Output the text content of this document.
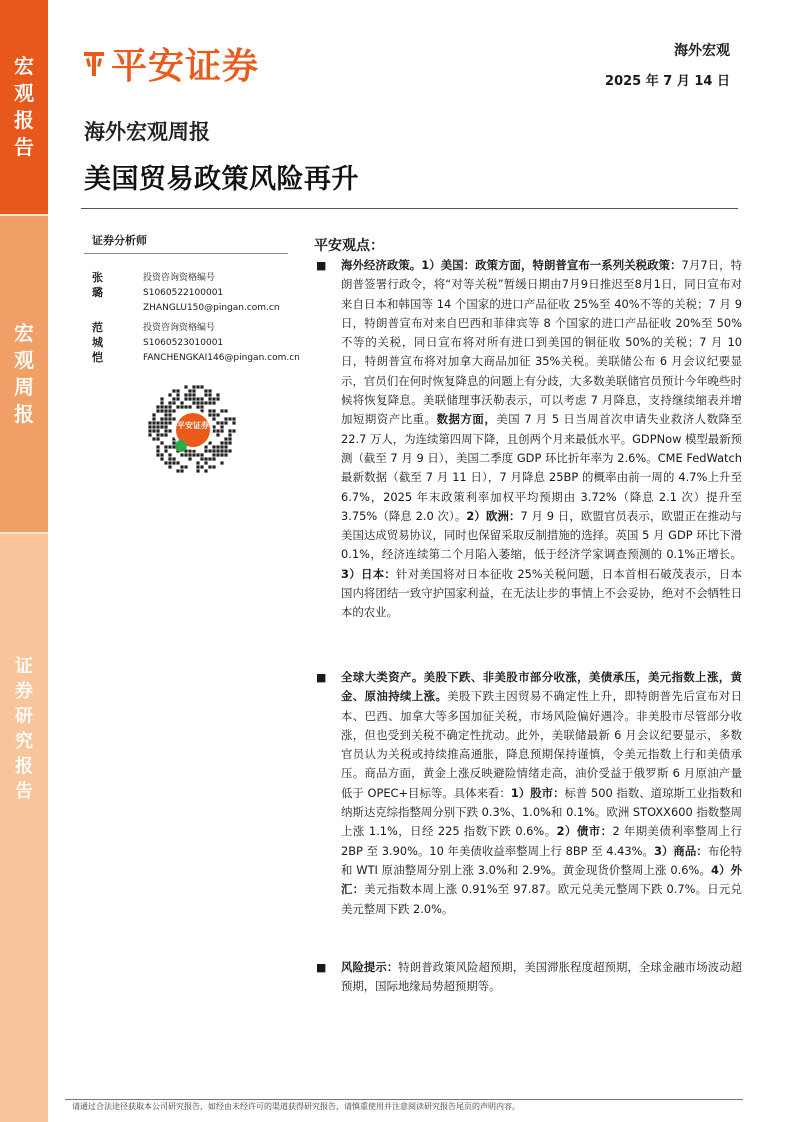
宏
观
报
告
宏
观
周
报
证
券
研
究
报
告
平安证券	海外宏观
2025 年 7 月 14 日
海外宏观周报
美国贸易政策风险再升
证券分析师
张璐
投资咨询资格编号
S1060522100001
ZHANGLU150@pingan.com.cn
范城恺
投资咨询资格编号
S1060523010001
FANCHENGKAI146@pingan.com.cn
平安证券
平安观点：
■ 海外经济政策。1）美国：政策方面，特朗普宣布一系列关税政策：7月7日，特朗普签署行政令，将“对等关税”暂缓日期由7月9日推迟至8月1日，同日宣布对来自日本和韩国等 14 个国家的进口产品征收 25%至 40%不等的关税；7 月 9 日，特朗普宣布对来自巴西和菲律宾等 8 个国家的进口产品征收 20%至 50%不等的关税，同日宣布将对所有进口到美国的铜征收 50%的关税；7 月 10 日，特朗普宣布将对加拿大商品加征 35%关税。美联储公布 6 月会议纪要显示，官员们在何时恢复降息的问题上有分歧，大多数美联储官员预计今年晚些时候将恢复降息。美联储理事沃勒表示，可以考虑 7 月降息，支持继续缩表并增加短期资产比重。数据方面，美国 7 月 5 日当周首次申请失业救济人数降至 22.7 万人，为连续第四周下降，且创两个月来最低水平。GDPNow 模型最新预测（截至 7 月 9 日），美国二季度 GDP 环比折年率为 2.6%。CME FedWatch 最新数据（截至 7 月 11 日），7 月降息 25BP 的概率由前一周的 4.7%上升至 6.7%，2025 年末政策利率加权平均预期由 3.72%（降息 2.1 次）提升至 3.75%（降息 2.0 次）。2）欧洲：7 月 9 日，欧盟官员表示，欧盟正在推动与美国达成贸易协议，同时也保留采取反制措施的选择。英国 5 月 GDP 环比下滑 0.1%，经济连续第二个月陷入萎缩，低于经济学家调查预测的 0.1%正增长。3）日本：针对美国将对日本征收 25%关税问题，日本首相石破茂表示，日本国内将团结一致守护国家利益，在无法让步的事情上不会妥协，绝对不会牺牲日本的农业。
■ 全球大类资产。美股下跌、非美股市部分收涨，美债承压，美元指数上涨，黄金、原油持续上涨。美股下跌主因贸易不确定性上升，即特朗普先后宣布对日本、巴西、加拿大等多国加征关税，市场风险偏好遇冷。非美股市尽管部分收涨，但也受到关税不确定性扰动。此外，美联储最新 6 月会议纪要显示，多数官员认为关税或持续推高通胀，降息预期保持谨慎，令美元指数上行和美债承压。商品方面，黄金上涨反映避险情绪走高，油价受益于俄罗斯 6 月原油产量低于 OPEC+目标等。具体来看：1）股市：标普 500 指数、道琼斯工业指数和纳斯达克综指整周分别下跌 0.3%、1.0%和 0.1%。欧洲 STOXX600 指数整周上涨 1.1%，日经 225 指数下跌 0.6%。2）债市：2 年期美债利率整周上行 2BP 至 3.90%。10 年美债收益率整周上行 8BP 至 4.43%。3）商品：布伦特和 WTI 原油整周分别上涨 3.0%和 2.9%。黄金现货价整周上涨 0.6%。4）外汇：美元指数本周上涨 0.91%至 97.87。欧元兑美元整周下跌 0.7%。日元兑美元整周下跌 2.0%。
■ 风险提示：特朗普政策风险超预期，美国滞胀程度超预期，全球金融市场波动超预期，国际地缘局势超预期等。
请通过合法途径获取本公司研究报告，如经由未经许可的渠道获得研究报告，请慎重使用并注意阅读研究报告尾页的声明内容。
